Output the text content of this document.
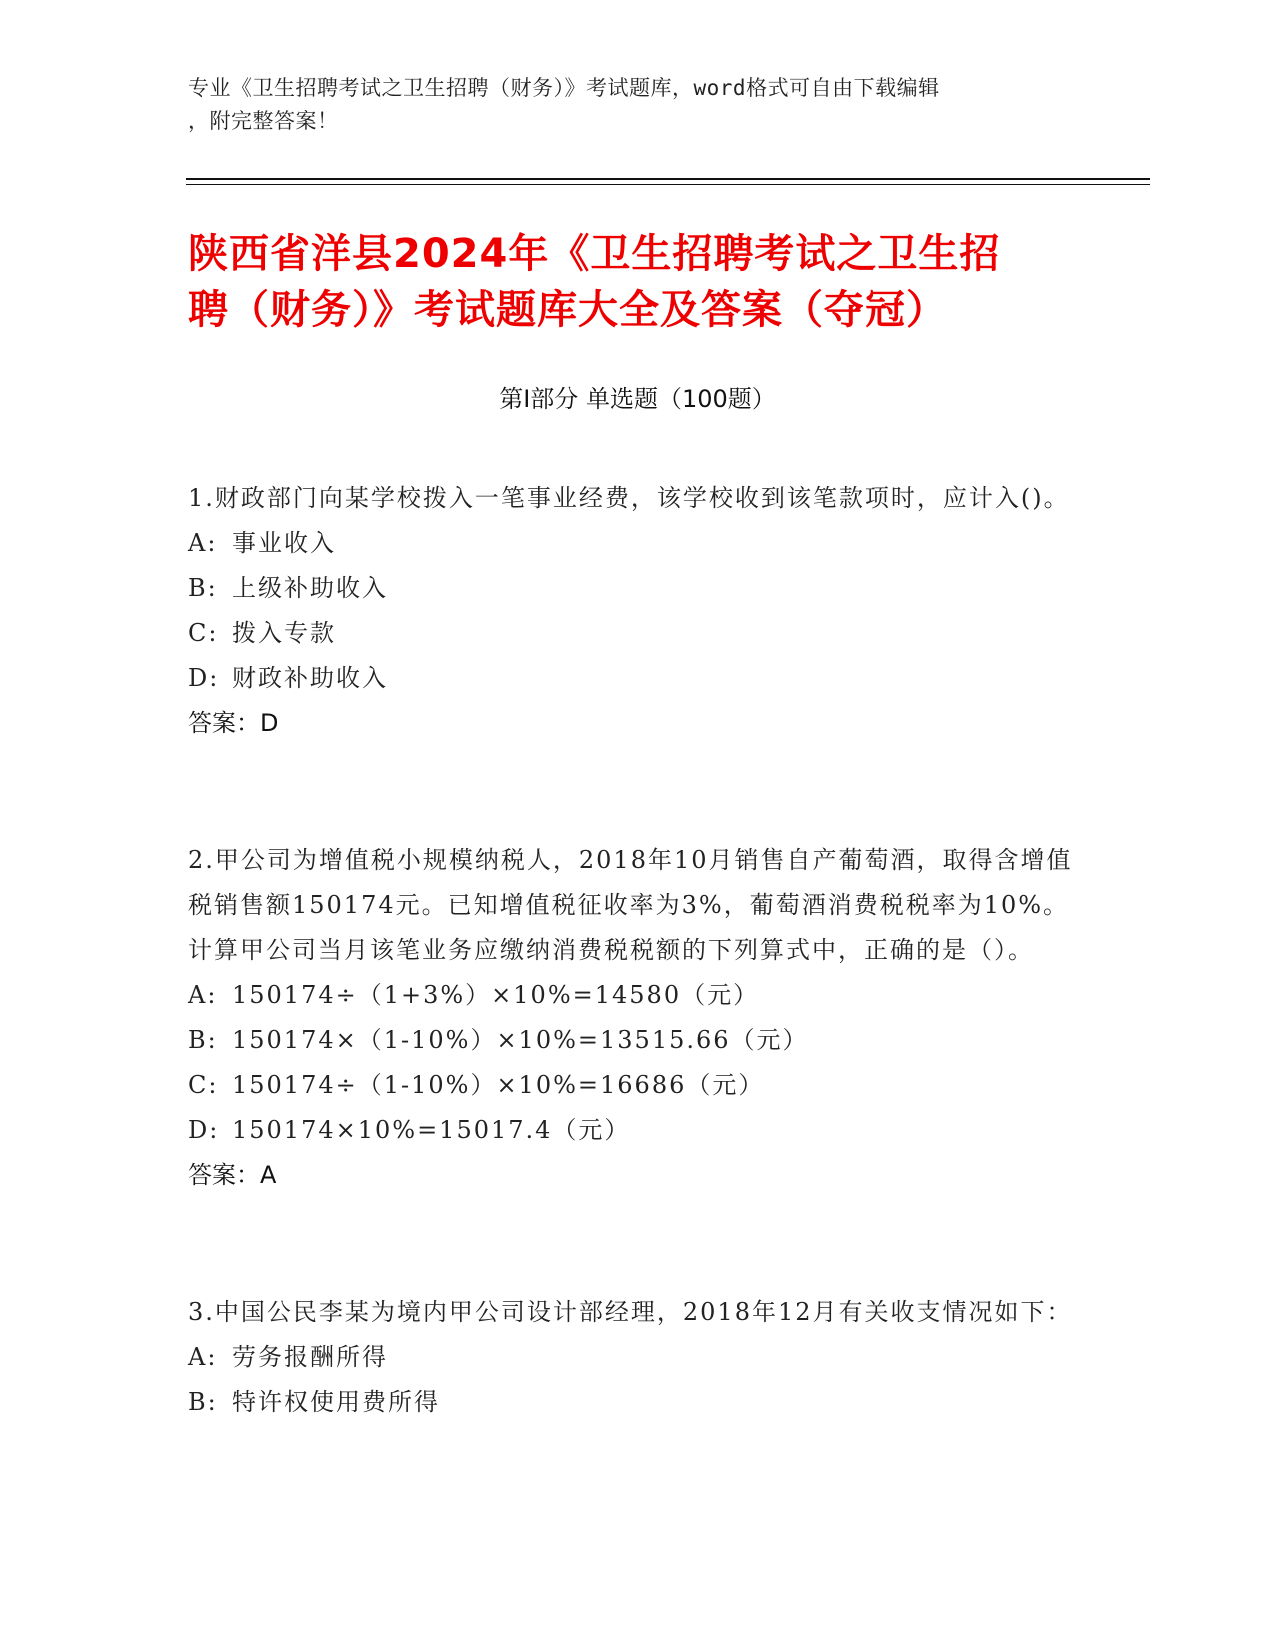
专业《卫生招聘考试之卫生招聘（财务）》考试题库，word格式可自由下载编辑
，附完整答案！
陕西省洋县2024年《卫生招聘考试之卫生招
聘（财务）》考试题库大全及答案（夺冠）
第Ⅰ部分 单选题（100题）
1.财政部门向某学校拨入一笔事业经费，该学校收到该笔款项时，应计入()。
A: 事业收入
B: 上级补助收入
C: 拨入专款
D: 财政补助收入
答案：D
2.甲公司为增值税小规模纳税人，2018年10月销售自产葡萄酒，取得含增值税销售额150174元。已知增值税征收率为3%，葡萄酒消费税税率为10%。计算甲公司当月该笔业务应缴纳消费税税额的下列算式中，正确的是（）。
A: 150174÷（1+3%）×10%=14580（元）
B: 150174×（1-10%）×10%=13515.66（元）
C: 150174÷（1-10%）×10%=16686（元）
D: 150174×10%=15017.4（元）
答案：A
3.中国公民李某为境内甲公司设计部经理，2018年12月有关收支情况如下：
A: 劳务报酬所得
B: 特许权使用费所得
